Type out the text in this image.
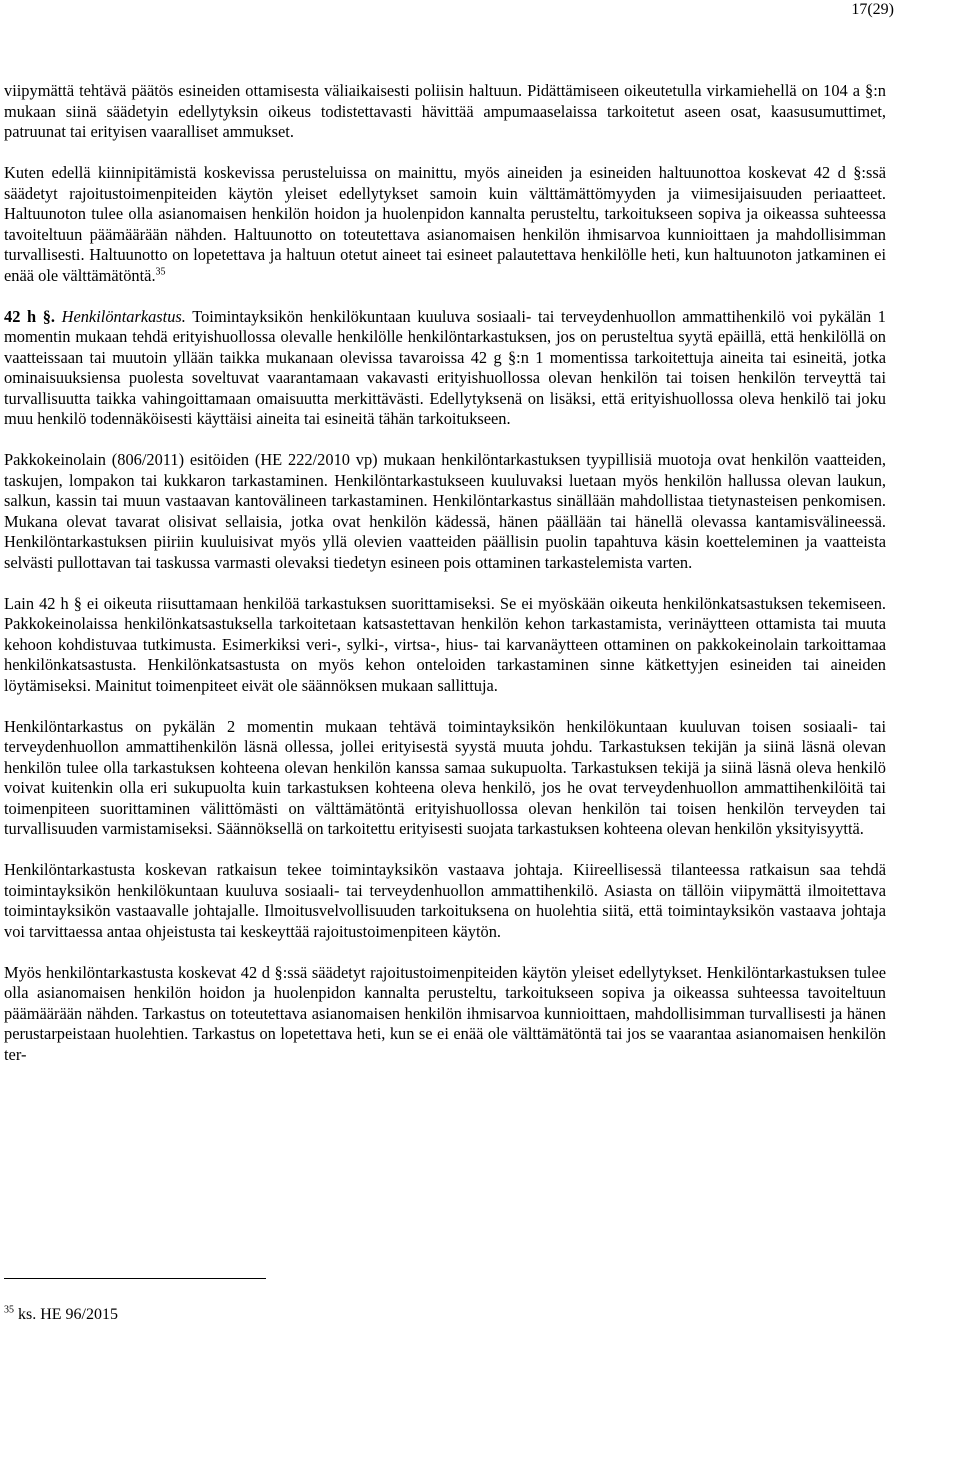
17(29)

viipymättä tehtävä päätös esineiden ottamisesta väliaikaisesti poliisin haltuun. Pidättämiseen oikeutetulla virkamiehellä on 104 a §:n mukaan siinä säädetyin edellytyksin oikeus todistettavasti hävittää ampumaaselaissa tarkoitetut aseen osat, kaasusumuttimet, patruunat tai erityisen vaaralliset ammukset.

Kuten edellä kiinnipitämistä koskevissa perusteluissa on mainittu, myös aineiden ja esineiden haltuunottoa koskevat 42 d §:ssä säädetyt rajoitustoimenpiteiden käytön yleiset edellytykset samoin kuin välttämättömyyden ja viimesijaisuuden periaatteet. Haltuunoton tulee olla asianomaisen henkilön hoidon ja huolenpidon kannalta perusteltu, tarkoitukseen sopiva ja oikeassa suhteessa tavoiteltuun päämäärään nähden. Haltuunotto on toteutettava asianomaisen henkilön ihmisarvoa kunnioittaen ja mahdollisimman turvallisesti. Haltuunotto on lopetettava ja haltuun otetut aineet tai esineet palautettava henkilölle heti, kun haltuunoton jatkaminen ei enää ole välttämätöntä.$^{35}$

42 h §. Henkilöntarkastus. Toimintayksikön henkilökuntaan kuuluva sosiaali- tai terveydenhuollon ammattihenkilö voi pykälän 1 momentin mukaan tehdä erityishuollossa olevalle henkilölle henkilöntarkastuksen, jos on perusteltua syytä epäillä, että henkilöllä on vaatteissaan tai muutoin yllään taikka mukanaan olevissa tavaroissa 42 g §:n 1 momentissa tarkoitettuja aineita tai esineitä, jotka ominaisuuksiensa puolesta soveltuvat vaarantamaan vakavasti erityishuollossa olevan henkilön tai toisen henkilön terveyttä tai turvallisuutta taikka vahingoittamaan omaisuutta merkittävästi. Edellytyksenä on lisäksi, että erityishuollossa oleva henkilö tai joku muu henkilö todennäköisesti käyttäisi aineita tai esineitä tähän tarkoitukseen.

Pakkokeinolain (806/2011) esitöiden (HE 222/2010 vp) mukaan henkilöntarkastuksen tyypillisiä muotoja ovat henkilön vaatteiden, taskujen, lompakon tai kukkaron tarkastaminen. Henkilöntarkastukseen kuuluvaksi luetaan myös henkilön hallussa olevan laukun, salkun, kassin tai muun vastaavan kantovälineen tarkastaminen. Henkilöntarkastus sinällään mahdollistaa tietynasteisen penkomisen. Mukana olevat tavarat olisivat sellaisia, jotka ovat henkilön kädessä, hänen päällään tai hänellä olevassa kantamisvälineessä. Henkilöntarkastuksen piiriin kuuluisivat myös yllä olevien vaatteiden päällisin puolin tapahtuva käsin koetteleminen ja vaatteista selvästi pullottavan tai taskussa varmasti olevaksi tiedetyn esineen pois ottaminen tarkastelemista varten.

Lain 42 h § ei oikeuta riisuttamaan henkilöä tarkastuksen suorittamiseksi. Se ei myöskään oikeuta henkilönkatsastuksen tekemiseen. Pakkokeinolaissa henkilönkatsastuksella tarkoitetaan katsastettavan henkilön kehon tarkastamista, verinäytteen ottamista tai muuta kehoon kohdistuvaa tutkimusta. Esimerkiksi veri-, sylki-, virtsa-, hius- tai karvanäytteen ottaminen on pakkokeinolain tarkoittamaa henkilönkatsastusta. Henkilönkatsastusta on myös kehon onteloiden tarkastaminen sinne kätkettyjen esineiden tai aineiden löytämiseksi. Mainitut toimenpiteet eivät ole säännöksen mukaan sallittuja.

Henkilöntarkastus on pykälän 2 momentin mukaan tehtävä toimintayksikön henkilökuntaan kuuluvan toisen sosiaali- tai terveydenhuollon ammattihenkilön läsnä ollessa, jollei erityisestä syystä muuta johdu. Tarkastuksen tekijän ja siinä läsnä olevan henkilön tulee olla tarkastuksen kohteena olevan henkilön kanssa samaa sukupuolta. Tarkastuksen tekijä ja siinä läsnä oleva henkilö voivat kuitenkin olla eri sukupuolta kuin tarkastuksen kohteena oleva henkilö, jos he ovat terveydenhuollon ammattihenkilöitä tai toimenpiteen suorittaminen välittömästi on välttämätöntä erityishuollossa olevan henkilön tai toisen henkilön terveyden tai turvallisuuden varmistamiseksi. Säännöksellä on tarkoitettu erityisesti suojata tarkastuksen kohteena olevan henkilön yksityisyyttä.

Henkilöntarkastusta koskevan ratkaisun tekee toimintayksikön vastaava johtaja. Kiireellisessä tilanteessa ratkaisun saa tehdä toimintayksikön henkilökuntaan kuuluva sosiaali- tai terveydenhuollon ammattihenkilö. Asiasta on tällöin viipymättä ilmoitettava toimintayksikön vastaavalle johtajalle. Ilmoitusvelvollisuuden tarkoituksena on huolehtia siitä, että toimintayksikön vastaava johtaja voi tarvittaessa antaa ohjeistusta tai keskeyttää rajoitustoimenpiteen käytön.

Myös henkilöntarkastusta koskevat 42 d §:ssä säädetyt rajoitustoimenpiteiden käytön yleiset edellytykset. Henkilöntarkastuksen tulee olla asianomaisen henkilön hoidon ja huolenpidon kannalta perusteltu, tarkoitukseen sopiva ja oikeassa suhteessa tavoiteltuun päämäärään nähden. Tarkastus on toteutettava asianomaisen henkilön ihmisarvoa kunnioittaen, mahdollisimman turvallisesti ja hänen perustarpeistaan huolehtien. Tarkastus on lopetettava heti, kun se ei enää ole välttämätöntä tai jos se vaarantaa asianomaisen henkilön ter-

$^{35}$ ks. HE 96/2015
